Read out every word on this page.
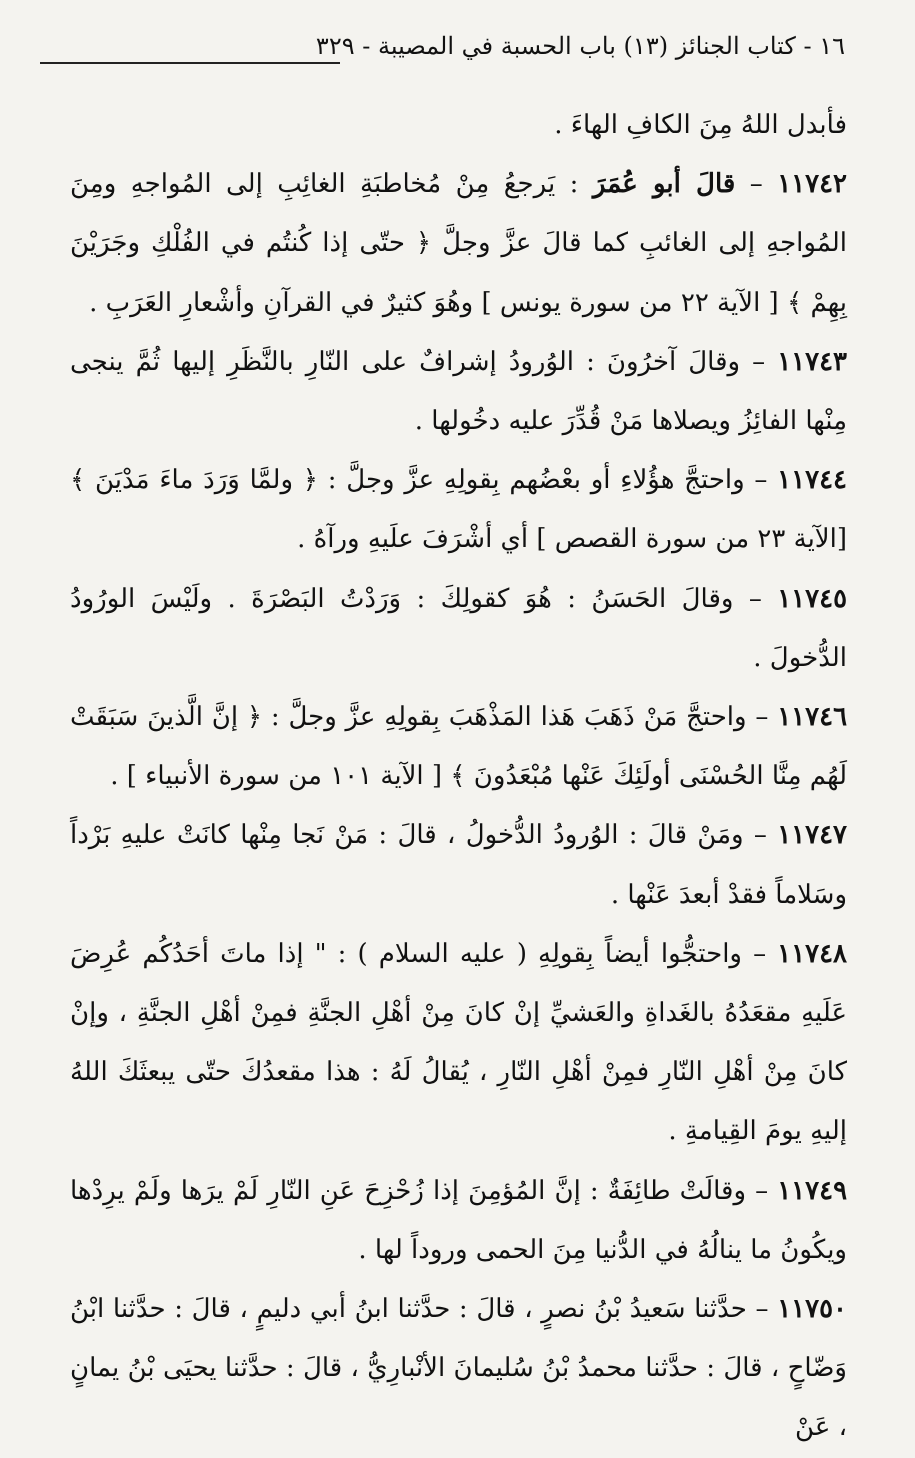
١٦ - كتاب الجنائز (١٣) باب الحسبة في المصيبة - ٣٢٩

فأبدل اللهُ مِنَ الكافِ الهاءَ .

١١٧٤٢ – قالَ أبو عُمَرَ : يَرجعُ مِنْ مُخاطبَةِ الغائِبِ إلى المُواجهِ ومِنَ المُواجهِ إلى الغائبِ كما قالَ عزَّ وجلَّ ﴿ حتّى إذا كُنتُم في الفُلْكِ وجَرَيْنَ بِهِمْ ﴾ [ الآية ٢٢ من سورة يونس ] وهُوَ كثيرٌ في القرآنِ وأشْعارِ العَرَبِ .

١١٧٤٣ – وقالَ آخرُونَ : الوُرودُ إشرافٌ على النّارِ بالنَّظَرِ إليها ثُمَّ ينجى مِنْها الفائِزُ ويصلاها مَنْ قُدِّرَ عليه دخُولها .

١١٧٤٤ – واحتجَّ هؤُلاءِ أو بعْضُهم بِقولِهِ عزَّ وجلَّ : ﴿ ولمَّا وَرَدَ ماءَ مَدْيَنَ ﴾ [الآية ٢٣ من سورة القصص ] أي أشْرَفَ علَيهِ ورآهُ .

١١٧٤٥ – وقالَ الحَسَنُ : هُوَ كقولِكَ : وَرَدْتُ البَصْرَةَ . ولَيْسَ الورُودُ الدُّخولَ .

١١٧٤٦ – واحتجَّ مَنْ ذَهَبَ هَذا المَذْهَبَ بِقولِهِ عزَّ وجلَّ : ﴿ إنَّ الَّذينَ سَبَقَتْ لَهُم مِنَّا الحُسْنَى أولَئِكَ عَنْها مُبْعَدُونَ ﴾ [ الآية ١٠١ من سورة الأنبياء ] .

١١٧٤٧ – ومَنْ قالَ : الوُرودُ الدُّخولُ ، قالَ : مَنْ نَجا مِنْها كانَتْ عليهِ بَرْداً وسَلاماً فقدْ أبعدَ عَنْها .

١١٧٤٨ – واحتجُّوا أيضاً بِقولِهِ ( عليه السلام ) : " إذا ماتَ أحَدُكُم عُرِضَ عَلَيهِ مقعَدُهُ بالغَداةِ والعَشيِّ إنْ كانَ مِنْ أهْلِ الجنَّةِ فمِنْ أهْلِ الجنَّةِ ، وإنْ كانَ مِنْ أهْلِ النّارِ فمِنْ أهْلِ النّارِ ، يُقالُ لَهُ : هذا مقعدُكَ حتّى يبعثَكَ اللهُ إليهِ يومَ القِيامةِ .

١١٧٤٩ – وقالَتْ طائِفَةٌ : إنَّ المُؤمِنَ إذا زُحْزِحَ عَنِ النّارِ لَمْ يرَها ولَمْ يرِدْها ويكُونُ ما ينالُهُ في الدُّنيا مِنَ الحمى وروداً لها .

١١٧٥٠ – حدَّثنا سَعيدُ بْنُ نصرٍ ، قالَ : حدَّثنا ابنُ أبي دليمٍ ، قالَ : حدَّثنا ابْنُ وَضّاحٍ ، قالَ : حدَّثنا محمدُ بْنُ سُليمانَ الأنْبارِيُّ ، قالَ : حدَّثنا يحيَى بْنُ يمانٍ ، عَنْ
